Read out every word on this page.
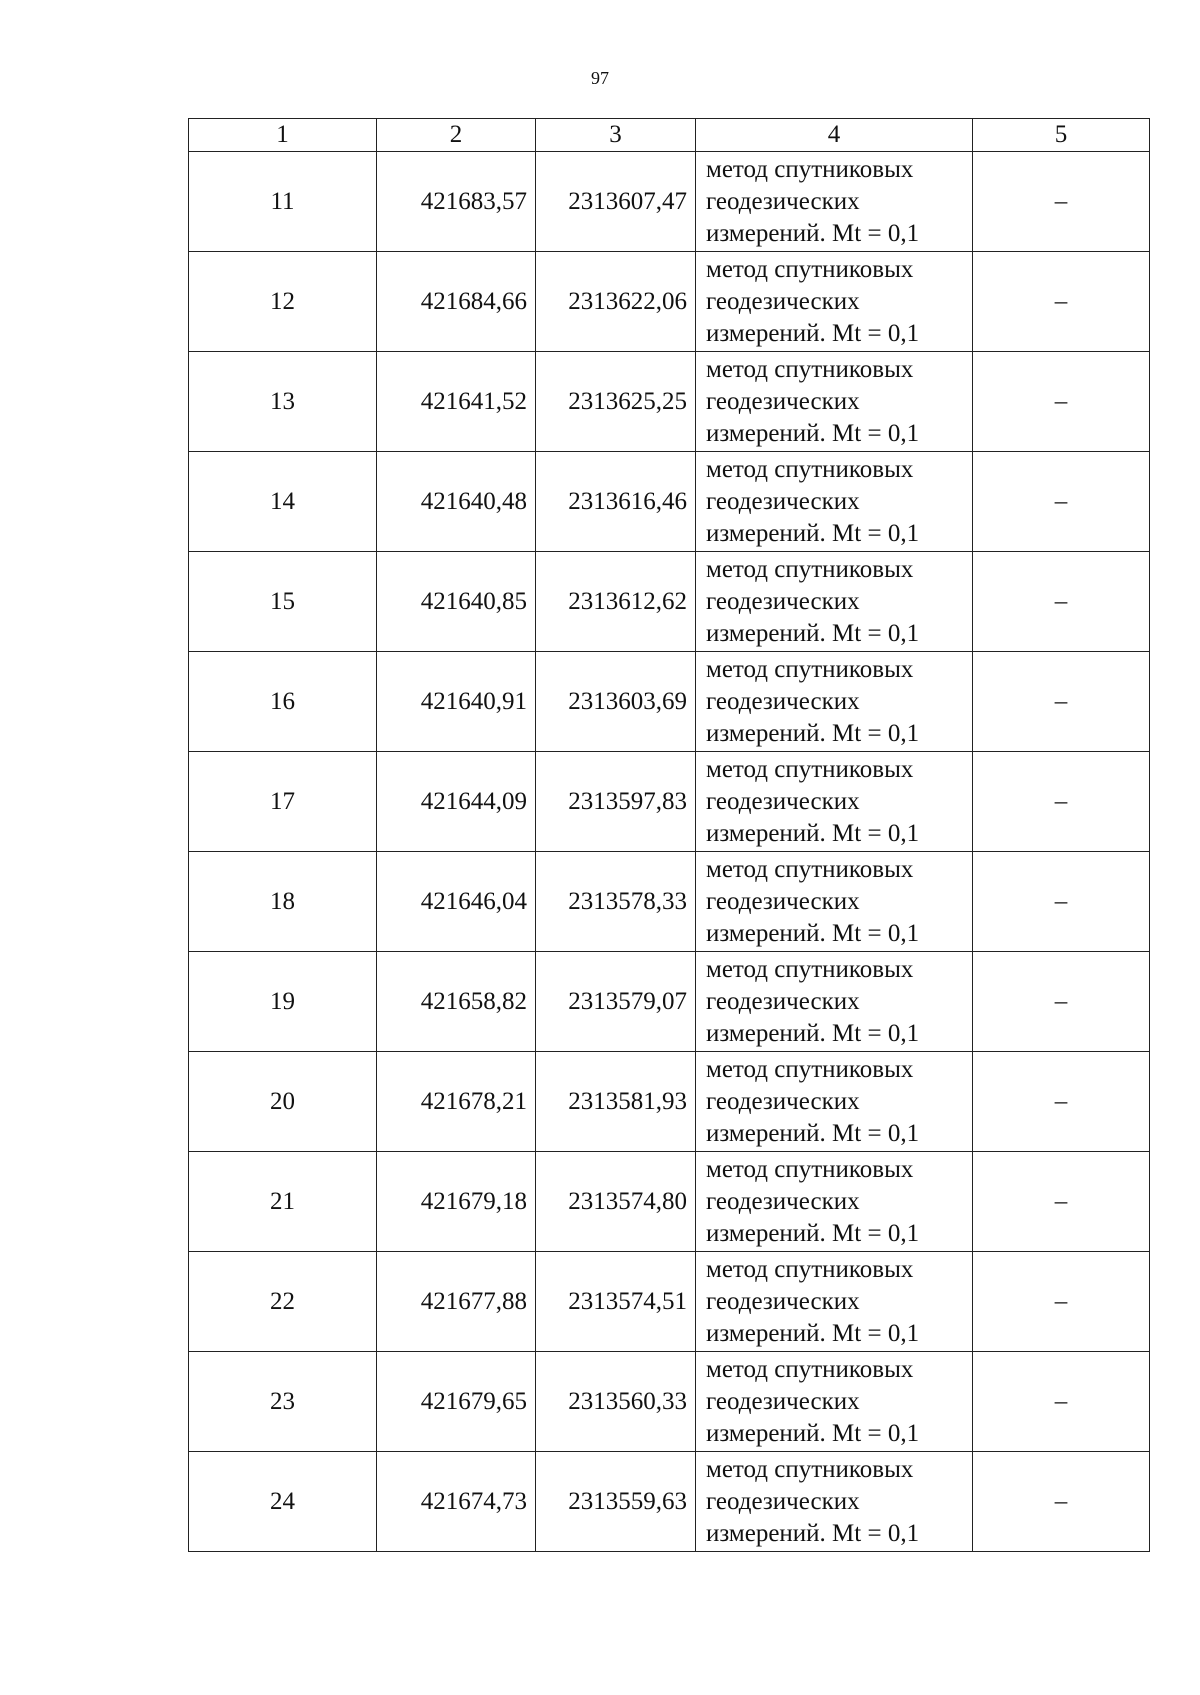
97
1	2	3	4	5
11	421683,57	2313607,47	метод спутниковых
геодезических
измерений. Mt = 0,1	–
12	421684,66	2313622,06	метод спутниковых
геодезических
измерений. Mt = 0,1	–
13	421641,52	2313625,25	метод спутниковых
геодезических
измерений. Mt = 0,1	–
14	421640,48	2313616,46	метод спутниковых
геодезических
измерений. Mt = 0,1	–
15	421640,85	2313612,62	метод спутниковых
геодезических
измерений. Mt = 0,1	–
16	421640,91	2313603,69	метод спутниковых
геодезических
измерений. Mt = 0,1	–
17	421644,09	2313597,83	метод спутниковых
геодезических
измерений. Mt = 0,1	–
18	421646,04	2313578,33	метод спутниковых
геодезических
измерений. Mt = 0,1	–
19	421658,82	2313579,07	метод спутниковых
геодезических
измерений. Mt = 0,1	–
20	421678,21	2313581,93	метод спутниковых
геодезических
измерений. Mt = 0,1	–
21	421679,18	2313574,80	метод спутниковых
геодезических
измерений. Mt = 0,1	–
22	421677,88	2313574,51	метод спутниковых
геодезических
измерений. Mt = 0,1	–
23	421679,65	2313560,33	метод спутниковых
геодезических
измерений. Mt = 0,1	–
24	421674,73	2313559,63	метод спутниковых
геодезических
измерений. Mt = 0,1	–
